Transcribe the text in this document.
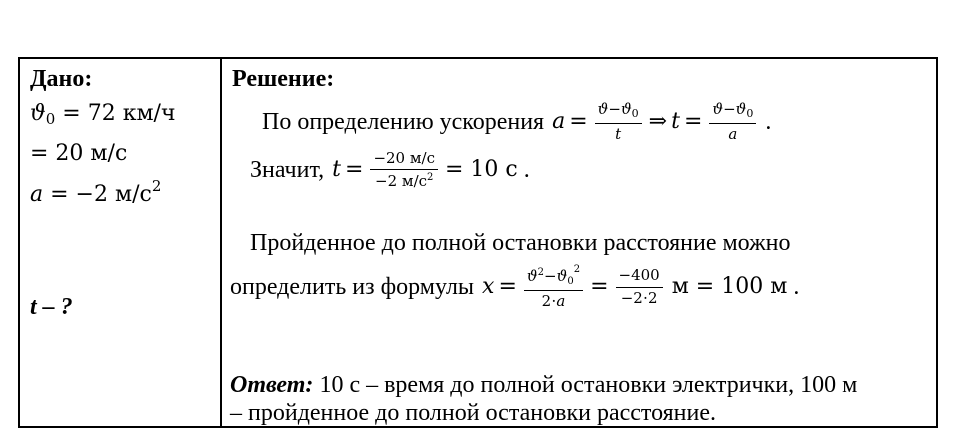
Дано:
$ϑ_0 = 72$ км/ч
= 20 м/с
a = −2 $м/с^2$
t – ?
Решение:
По определению ускорения $a = \frac{ϑ-ϑ_0}{t}$ ⇒ $t = \frac{ϑ-ϑ_0}{a}$ .
Значит, $t = \frac{-20 м/с}{-2 м/с^2} = 10$ с .
Пройденное до полной остановки расстояние можно
определить из формулы $x = \frac{ϑ^2-ϑ_0^2}{2\cdot a} = \frac{-400}{-2\cdot 2}$ м = 100 м .
Ответ: 10 с – время до полной остановки электрички, 100 м
– пройденное до полной остановки расстояние.
